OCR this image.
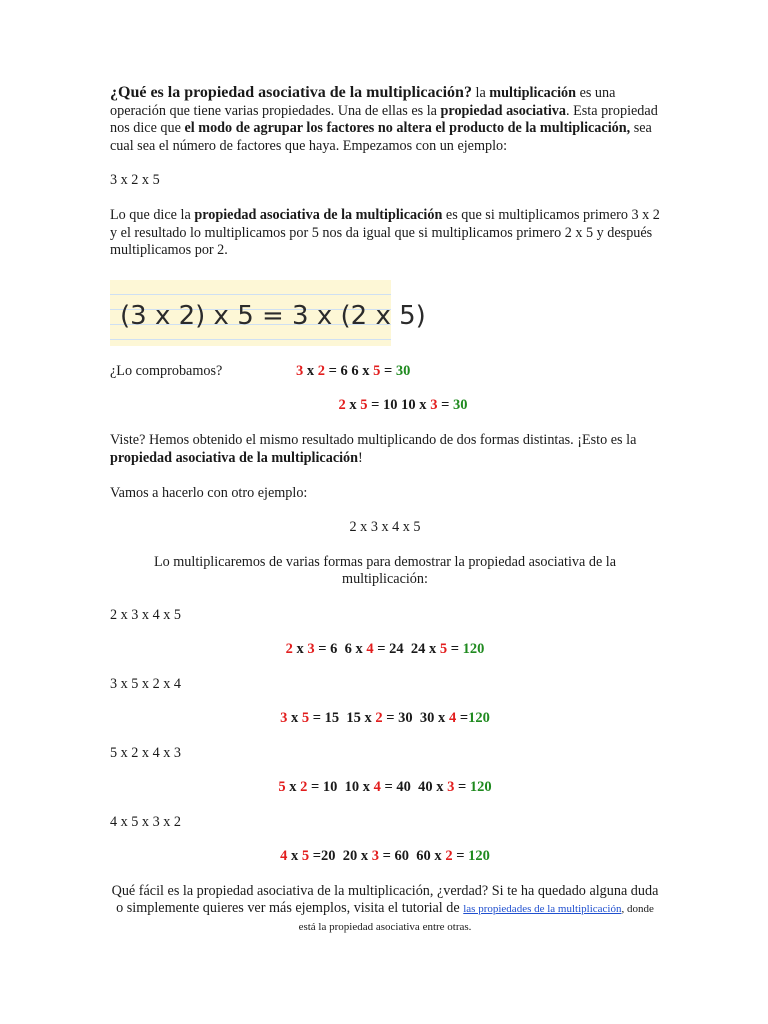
¿Qué es la propiedad asociativa de la multiplicación? la multiplicación es una operación que tiene varias propiedades. Una de ellas es la propiedad asociativa. Esta propiedad nos dice que el modo de agrupar los factores no altera el producto de la multiplicación, sea cual sea el número de factores que haya. Empezamos con un ejemplo:

3 x 2 x 5

Lo que dice la propiedad asociativa de la multiplicación es que si multiplicamos primero 3 x 2 y el resultado lo multiplicamos por 5 nos da igual que si multiplicamos primero 2 x 5 y después multiplicamos por 2.

(3 x 2) x 5 = 3 x (2 x 5)
¿Lo comprobamos?	3 x 2 = 6 6 x 5 = 30

2 x 5 = 10 10 x 3 = 30

Viste? Hemos obtenido el mismo resultado multiplicando de dos formas distintas. ¡Esto es la propiedad asociativa de la multiplicación!

Vamos a hacerlo con otro ejemplo:

2 x 3 x 4 x 5

Lo multiplicaremos de varias formas para demostrar la propiedad asociativa de la multiplicación:

2 x 3 x 4 x 5

2 x 3 = 6  6 x 4 = 24  24 x 5 = 120

3 x 5 x 2 x 4

3 x 5 = 15  15 x 2 = 30  30 x 4 =120

5 x 2 x 4 x 3

5 x 2 = 10  10 x 4 = 40  40 x 3 = 120

4 x 5 x 3 x 2

4 x 5 =20  20 x 3 = 60  60 x 2 = 120

Qué fácil es la propiedad asociativa de la multiplicación, ¿verdad? Si te ha quedado alguna duda o simplemente quieres ver más ejemplos, visita el tutorial de las propiedades de la multiplicación, donde está la propiedad asociativa entre otras.
